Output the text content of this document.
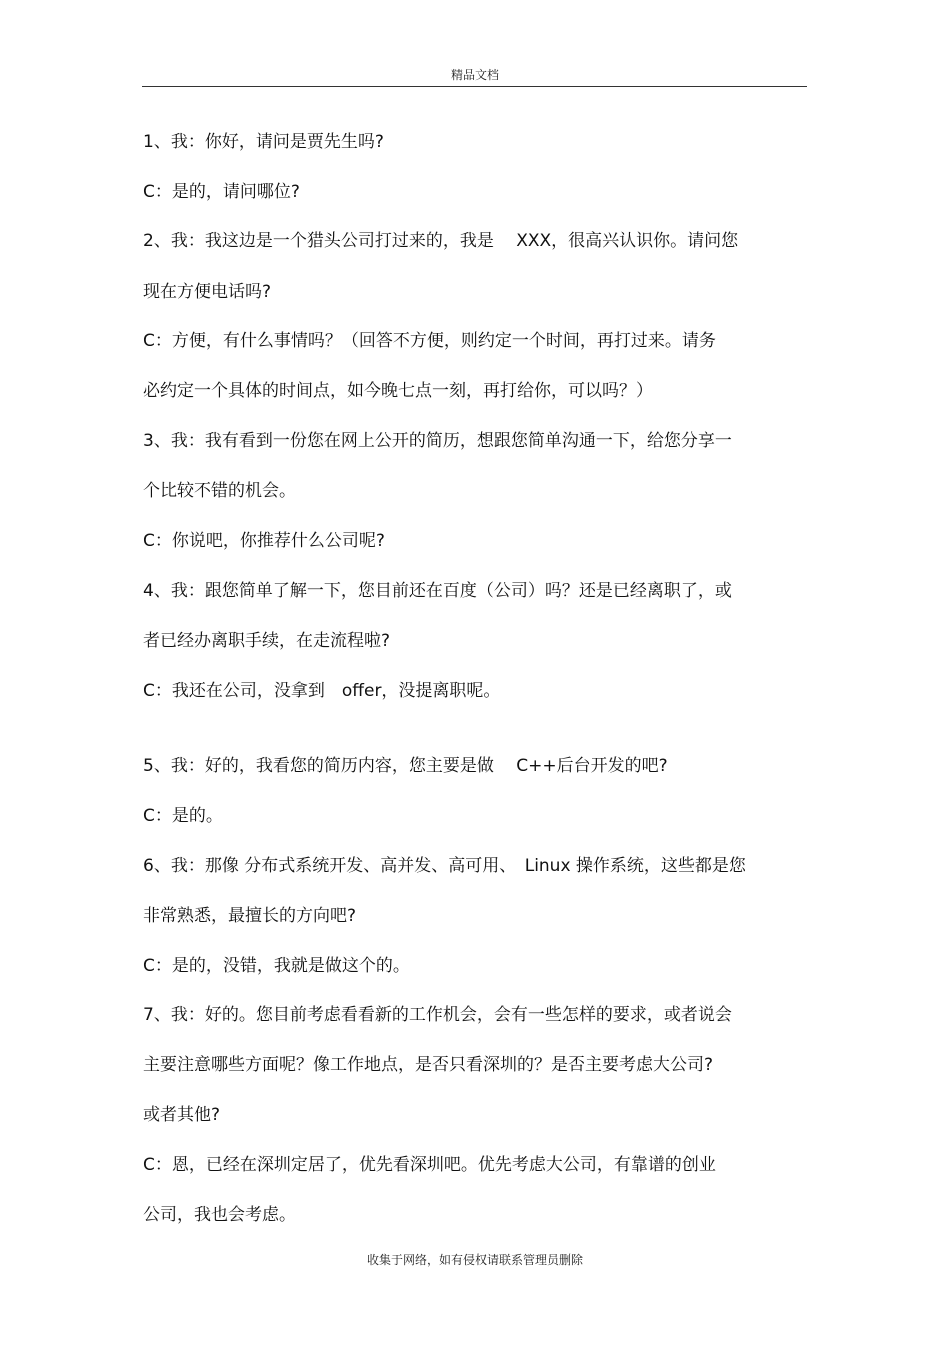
精品文档
1、我：你好，请问是贾先生吗?
C：是的，请问哪位?
2、我：我这边是一个猎头公司打过来的，我是　 XXX，很高兴认识你。请问您
现在方便电话吗?
C：方便，有什么事情吗？（回答不方便，则约定一个时间，再打过来。请务
必约定一个具体的时间点，如今晚七点一刻，再打给你，可以吗？）
3、我：我有看到一份您在网上公开的简历，想跟您简单沟通一下，给您分享一
个比较不错的机会。
C：你说吧，你推荐什么公司呢?
4、我：跟您简单了解一下，您目前还在百度（公司）吗？还是已经离职了，或
者已经办离职手续，在走流程啦?
C：我还在公司，没拿到　offer，没提离职呢。
5、我：好的，我看您的简历内容，您主要是做　 C++后台开发的吧?
C：是的。
6、我：那像 分布式系统开发、高并发、高可用、　Linux 操作系统，这些都是您
非常熟悉，最擅长的方向吧?
C：是的，没错，我就是做这个的。
7、我：好的。您目前考虑看看新的工作机会，会有一些怎样的要求，或者说会
主要注意哪些方面呢？像工作地点，是否只看深圳的？是否主要考虑大公司?
或者其他?
C：恩，已经在深圳定居了，优先看深圳吧。优先考虑大公司，有靠谱的创业
公司，我也会考虑。
收集于网络，如有侵权请联系管理员删除
